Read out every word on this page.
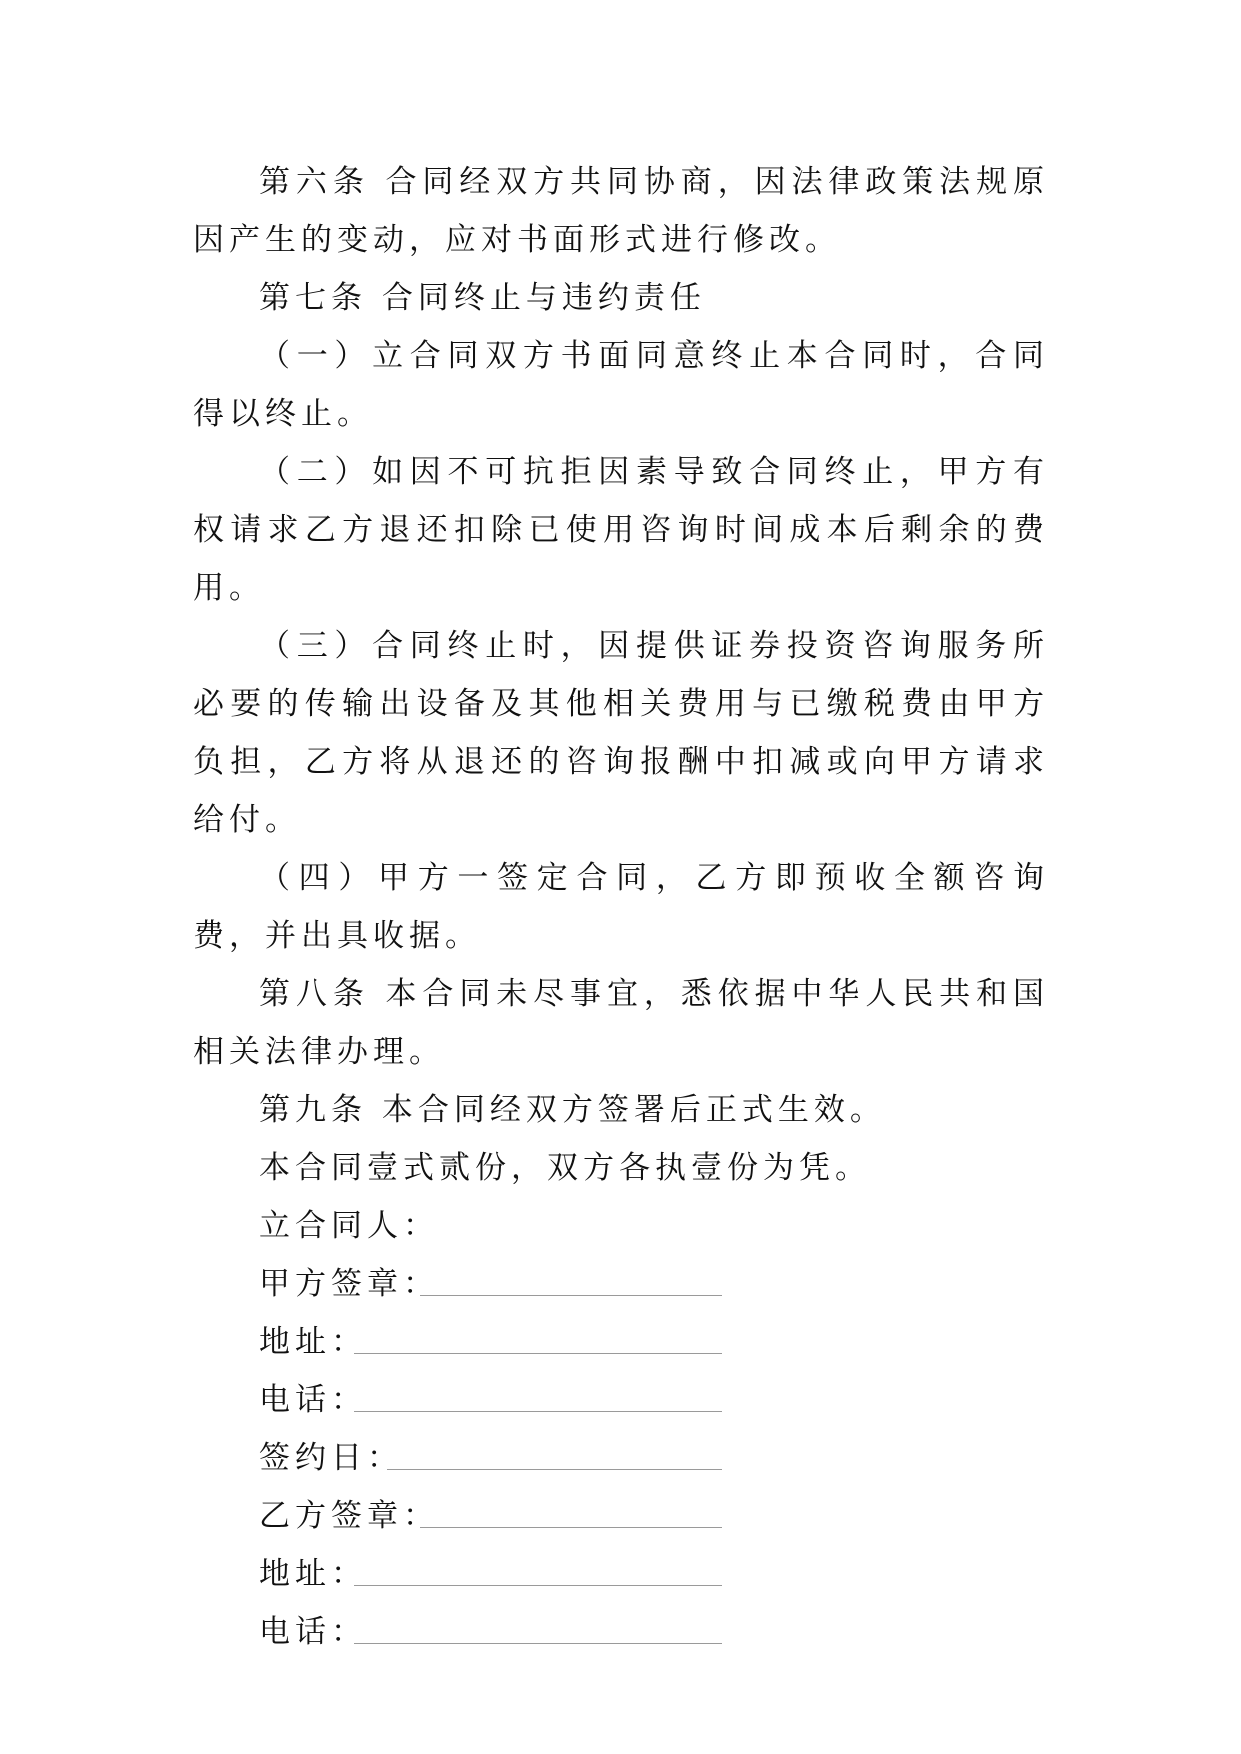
第六条 合同经双方共同协商，因法律政策法规原因产生的变动，应对书面形式进行修改。

第七条 合同终止与违约责任

（一）立合同双方书面同意终止本合同时，合同得以终止。

（二）如因不可抗拒因素导致合同终止，甲方有权请求乙方退还扣除已使用咨询时间成本后剩余的费用。

（三）合同终止时，因提供证券投资咨询服务所必要的传输出设备及其他相关费用与已缴税费由甲方负担，乙方将从退还的咨询报酬中扣减或向甲方请求给付。

（四）甲方一签定合同，乙方即预收全额咨询费，并出具收据。

第八条 本合同未尽事宜，悉依据中华人民共和国相关法律办理。

第九条 本合同经双方签署后正式生效。

本合同壹式贰份，双方各执壹份为凭。

立合同人：

甲方签章：
地址：
电话：
签约日：
乙方签章：
地址：
电话：
